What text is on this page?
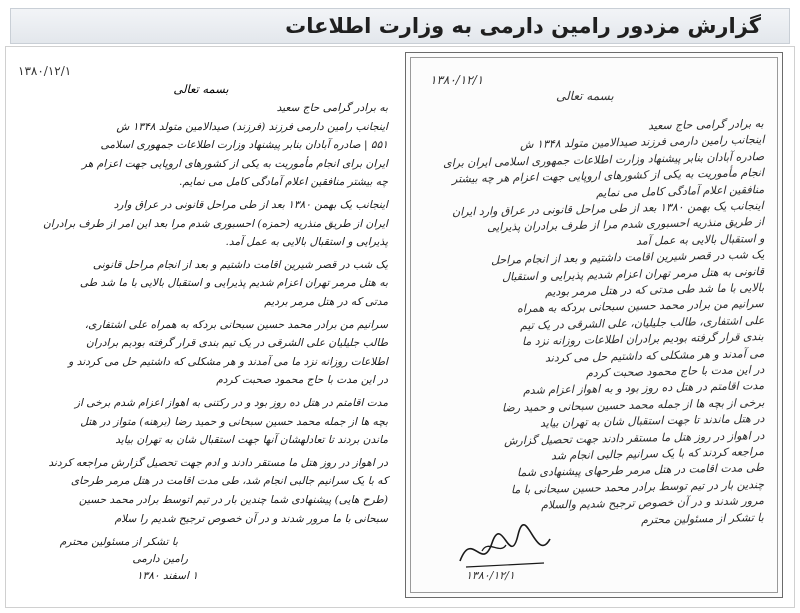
گزارش مزدور رامین دارمی به وزارت اطلاعات
۱۳۸۰/۱۲/۱
بسمه تعالی
به برادر گرامی حاج سعید
اینجانب رامین دارمی فرزند (فرزند) صیدالامین متولد ۱۳۴۸ ش
۵۵۱ | صادره آبادان بنابر پیشنهاد وزارت اطلاعات جمهوری اسلامی
ایران برای انجام مأموریت به یکی از کشورهای اروپایی جهت اعزام هر
چه بیشتر منافقین اعلام آمادگی کامل می نمایم.
اینجانب یک بهمن ۱۳۸۰ بعد از طی مراحل قانونی در عراق وارد
ایران از طریق منذریه (حمزه) احسبوری شدم مرا بعد این امر از طرف برادران
پذیرایی و استقبال بالایی به عمل آمد.
یک شب در قصر شیرین اقامت داشتیم و بعد از انجام مراحل قانونی
به هتل مرمر تهران اعزام شدیم پذیرایی و استقبال بالایی با ما شد طی
مدتی که در هتل مرمر بردیم
سرانیم من برادر محمد حسین سبحانی بردکه به همراه علی اشتفاری،
طالب جلیلیان علی الشرقی در یک تیم بندی قرار گرفته بودیم برادران
اطلاعات روزانه نزد ما می آمدند و هر مشکلی که داشتیم حل می کردند و
در این مدت با حاج محمود صحبت کردم
مدت اقامتم در هتل ده روز بود و در رکتنی به اهواز اعزام شدم برخی از
بچه ها از جمله محمد حسین سبحانی و حمید رضا (برهنه) متواز در هتل
ماندن بردند تا تعادلهشان آنها جهت استقبال شان به تهران بیاید
در اهواز در روز هتل ما مستقر دادند و ادم جهت تحصیل گزارش مراجعه کردند
که با یک سرانیم جالبی انجام شد، طی مدت اقامت در هتل مرمر طرحای
(طرح هایی) پیشنهادی شما چندین بار در تیم اتوسط برادر محمد حسین
سبحانی با ما مرور شدند و در آن خصوص ترجیح شدیم را سلام
با تشکر از مسئولین محترم
رامین دارمی
۱ اسفند ۱۳۸۰
۱۳۸۰/۱۲/۱
بسمه تعالی
به برادر گرامی حاج سعید
اینجانب رامین دارمی فرزند صیدالامین متولد ۱۳۴۸ ش
صادره آبادان بنابر پیشنهاد وزارت اطلاعات جمهوری اسلامی ایران برای
انجام مأموریت به یکی از کشورهای اروپایی جهت اعزام هر چه بیشتر
منافقین اعلام آمادگی کامل می نمایم
اینجانب یک بهمن ۱۳۸۰ بعد از طی مراحل قانونی در عراق وارد ایران
از طریق منذریه احسبوری شدم مرا از طرف برادران پذیرایی
و استقبال بالایی به عمل آمد
یک شب در قصر شیرین اقامت داشتیم و بعد از انجام مراحل
قانونی به هتل مرمر تهران اعزام شدیم پذیرایی و استقبال
بالایی با ما شد طی مدتی که در هتل مرمر بودیم
سرانیم من برادر محمد حسین سبحانی بردکه به همراه
علی اشتفاری، طالب جلیلیان، علی الشرقی در یک تیم
بندی قرار گرفته بودیم برادران اطلاعات روزانه نزد ما
می آمدند و هر مشکلی که داشتیم حل می کردند
در این مدت با حاج محمود صحبت کردم
مدت اقامتم در هتل ده روز بود و به اهواز اعزام شدم
برخی از بچه ها از جمله محمد حسین سبحانی و حمید رضا
در هتل ماندند تا جهت استقبال شان به تهران بیاید
در اهواز در روز هتل ما مستقر دادند جهت تحصیل گزارش
مراجعه کردند که با یک سرانیم جالبی انجام شد
طی مدت اقامت در هتل مرمر طرحهای پیشنهادی شما
چندین بار در تیم توسط برادر محمد حسین سبحانی با ما
مرور شدند و در آن خصوص ترجیح شدیم والسلام
با تشکر از مسئولین محترم
۱۳۸۰/۱۲/۱
